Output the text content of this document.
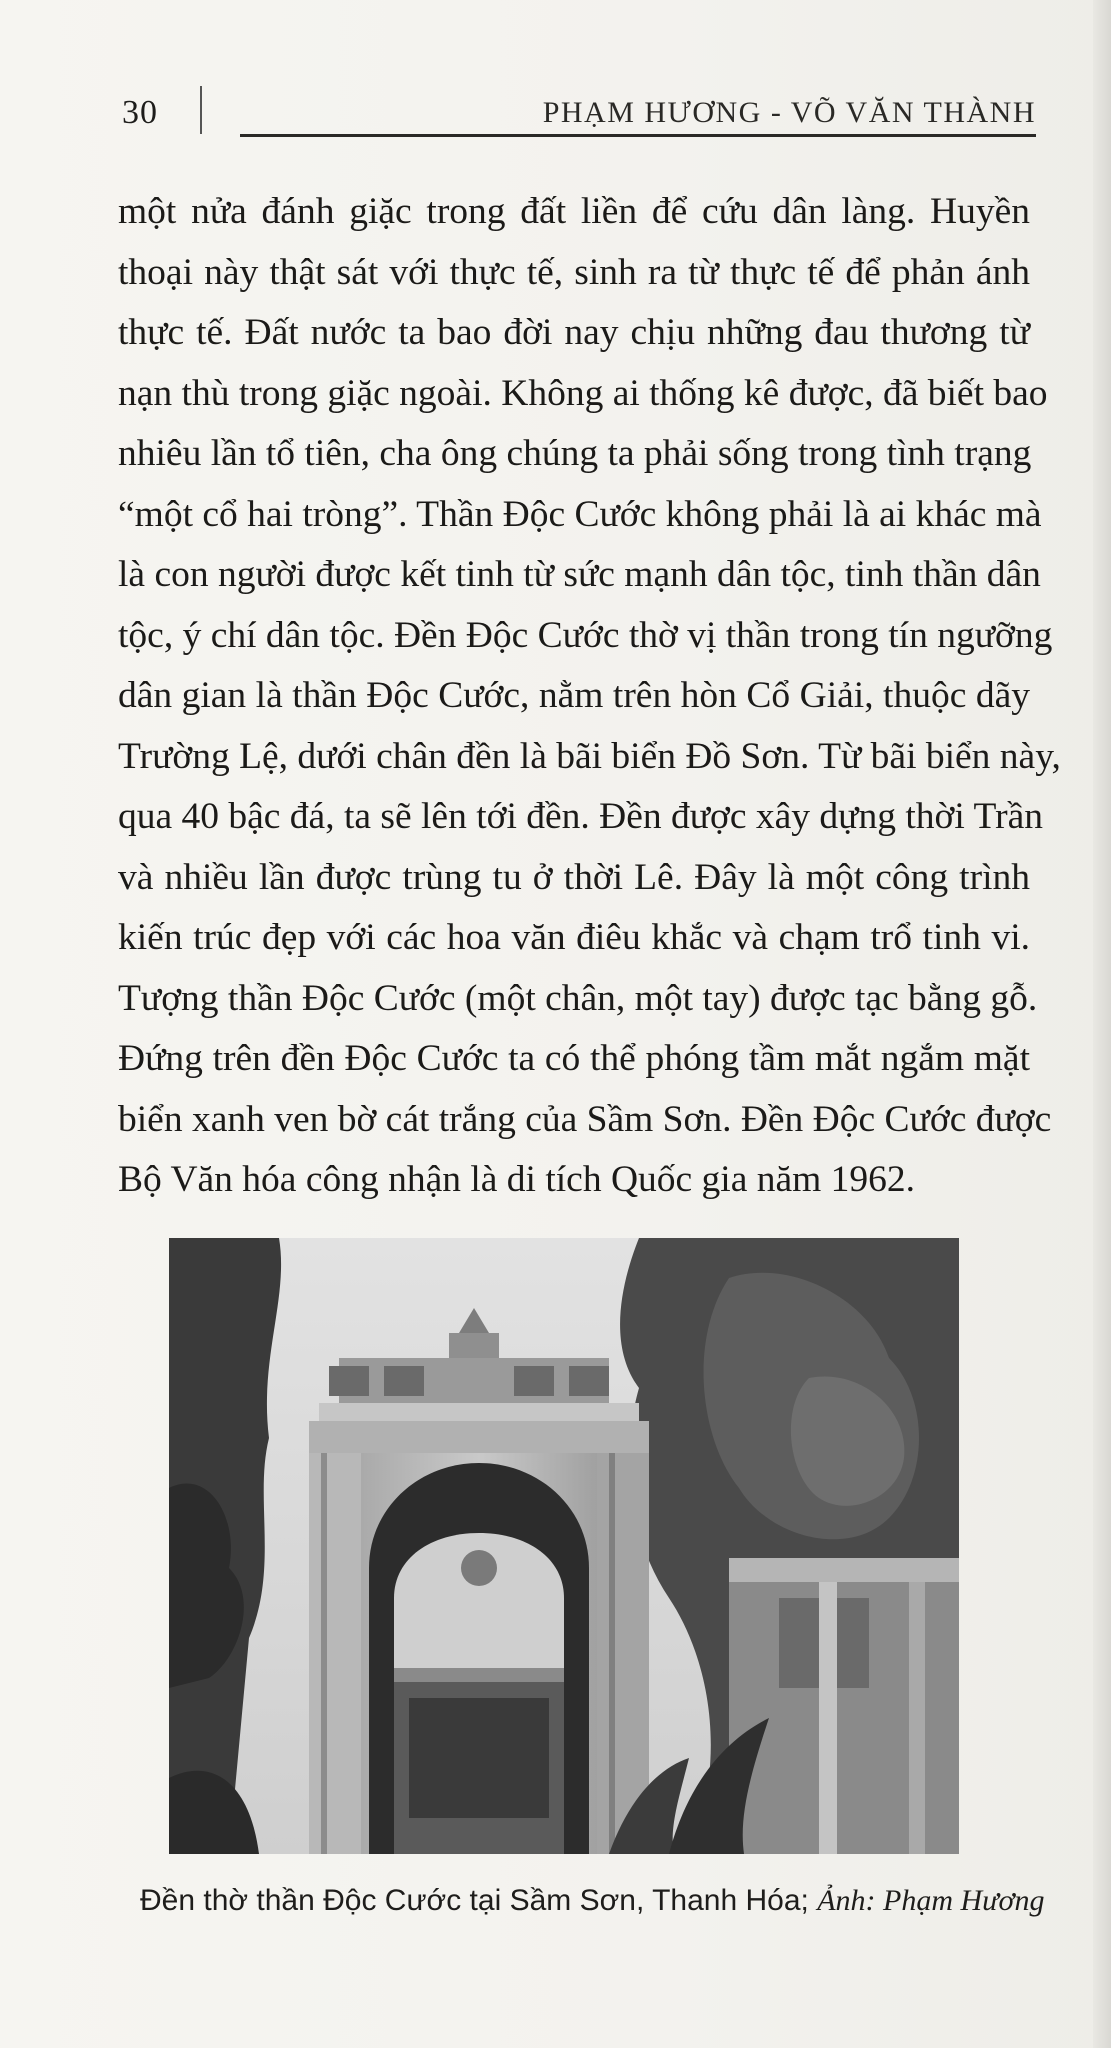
30	PHẠM HƯƠNG - VÕ VĂN THÀNH

một nửa đánh giặc trong đất liền để cứu dân làng. Huyền
thoại này thật sát với thực tế, sinh ra từ thực tế để phản ánh
thực tế. Đất nước ta bao đời nay chịu những đau thương từ
nạn thù trong giặc ngoài. Không ai thống kê được, đã biết bao
nhiêu lần tổ tiên, cha ông chúng ta phải sống trong tình trạng
“một cổ hai tròng”. Thần Độc Cước không phải là ai khác mà
là con người được kết tinh từ sức mạnh dân tộc, tinh thần dân
tộc, ý chí dân tộc. Đền Độc Cước thờ vị thần trong tín ngưỡng
dân gian là thần Độc Cước, nằm trên hòn Cổ Giải, thuộc dãy
Trường Lệ, dưới chân đền là bãi biển Đồ Sơn. Từ bãi biển này,
qua 40 bậc đá, ta sẽ lên tới đền. Đền được xây dựng thời Trần
và nhiều lần được trùng tu ở thời Lê. Đây là một công trình
kiến trúc đẹp với các hoa văn điêu khắc và chạm trổ tinh vi.
Tượng thần Độc Cước (một chân, một tay) được tạc bằng gỗ.
Đứng trên đền Độc Cước ta có thể phóng tầm mắt ngắm mặt
biển xanh ven bờ cát trắng của Sầm Sơn. Đền Độc Cước được
Bộ Văn hóa công nhận là di tích Quốc gia năm 1962.

Đền thờ thần Độc Cước tại Sầm Sơn, Thanh Hóa; Ảnh: Phạm Hương
